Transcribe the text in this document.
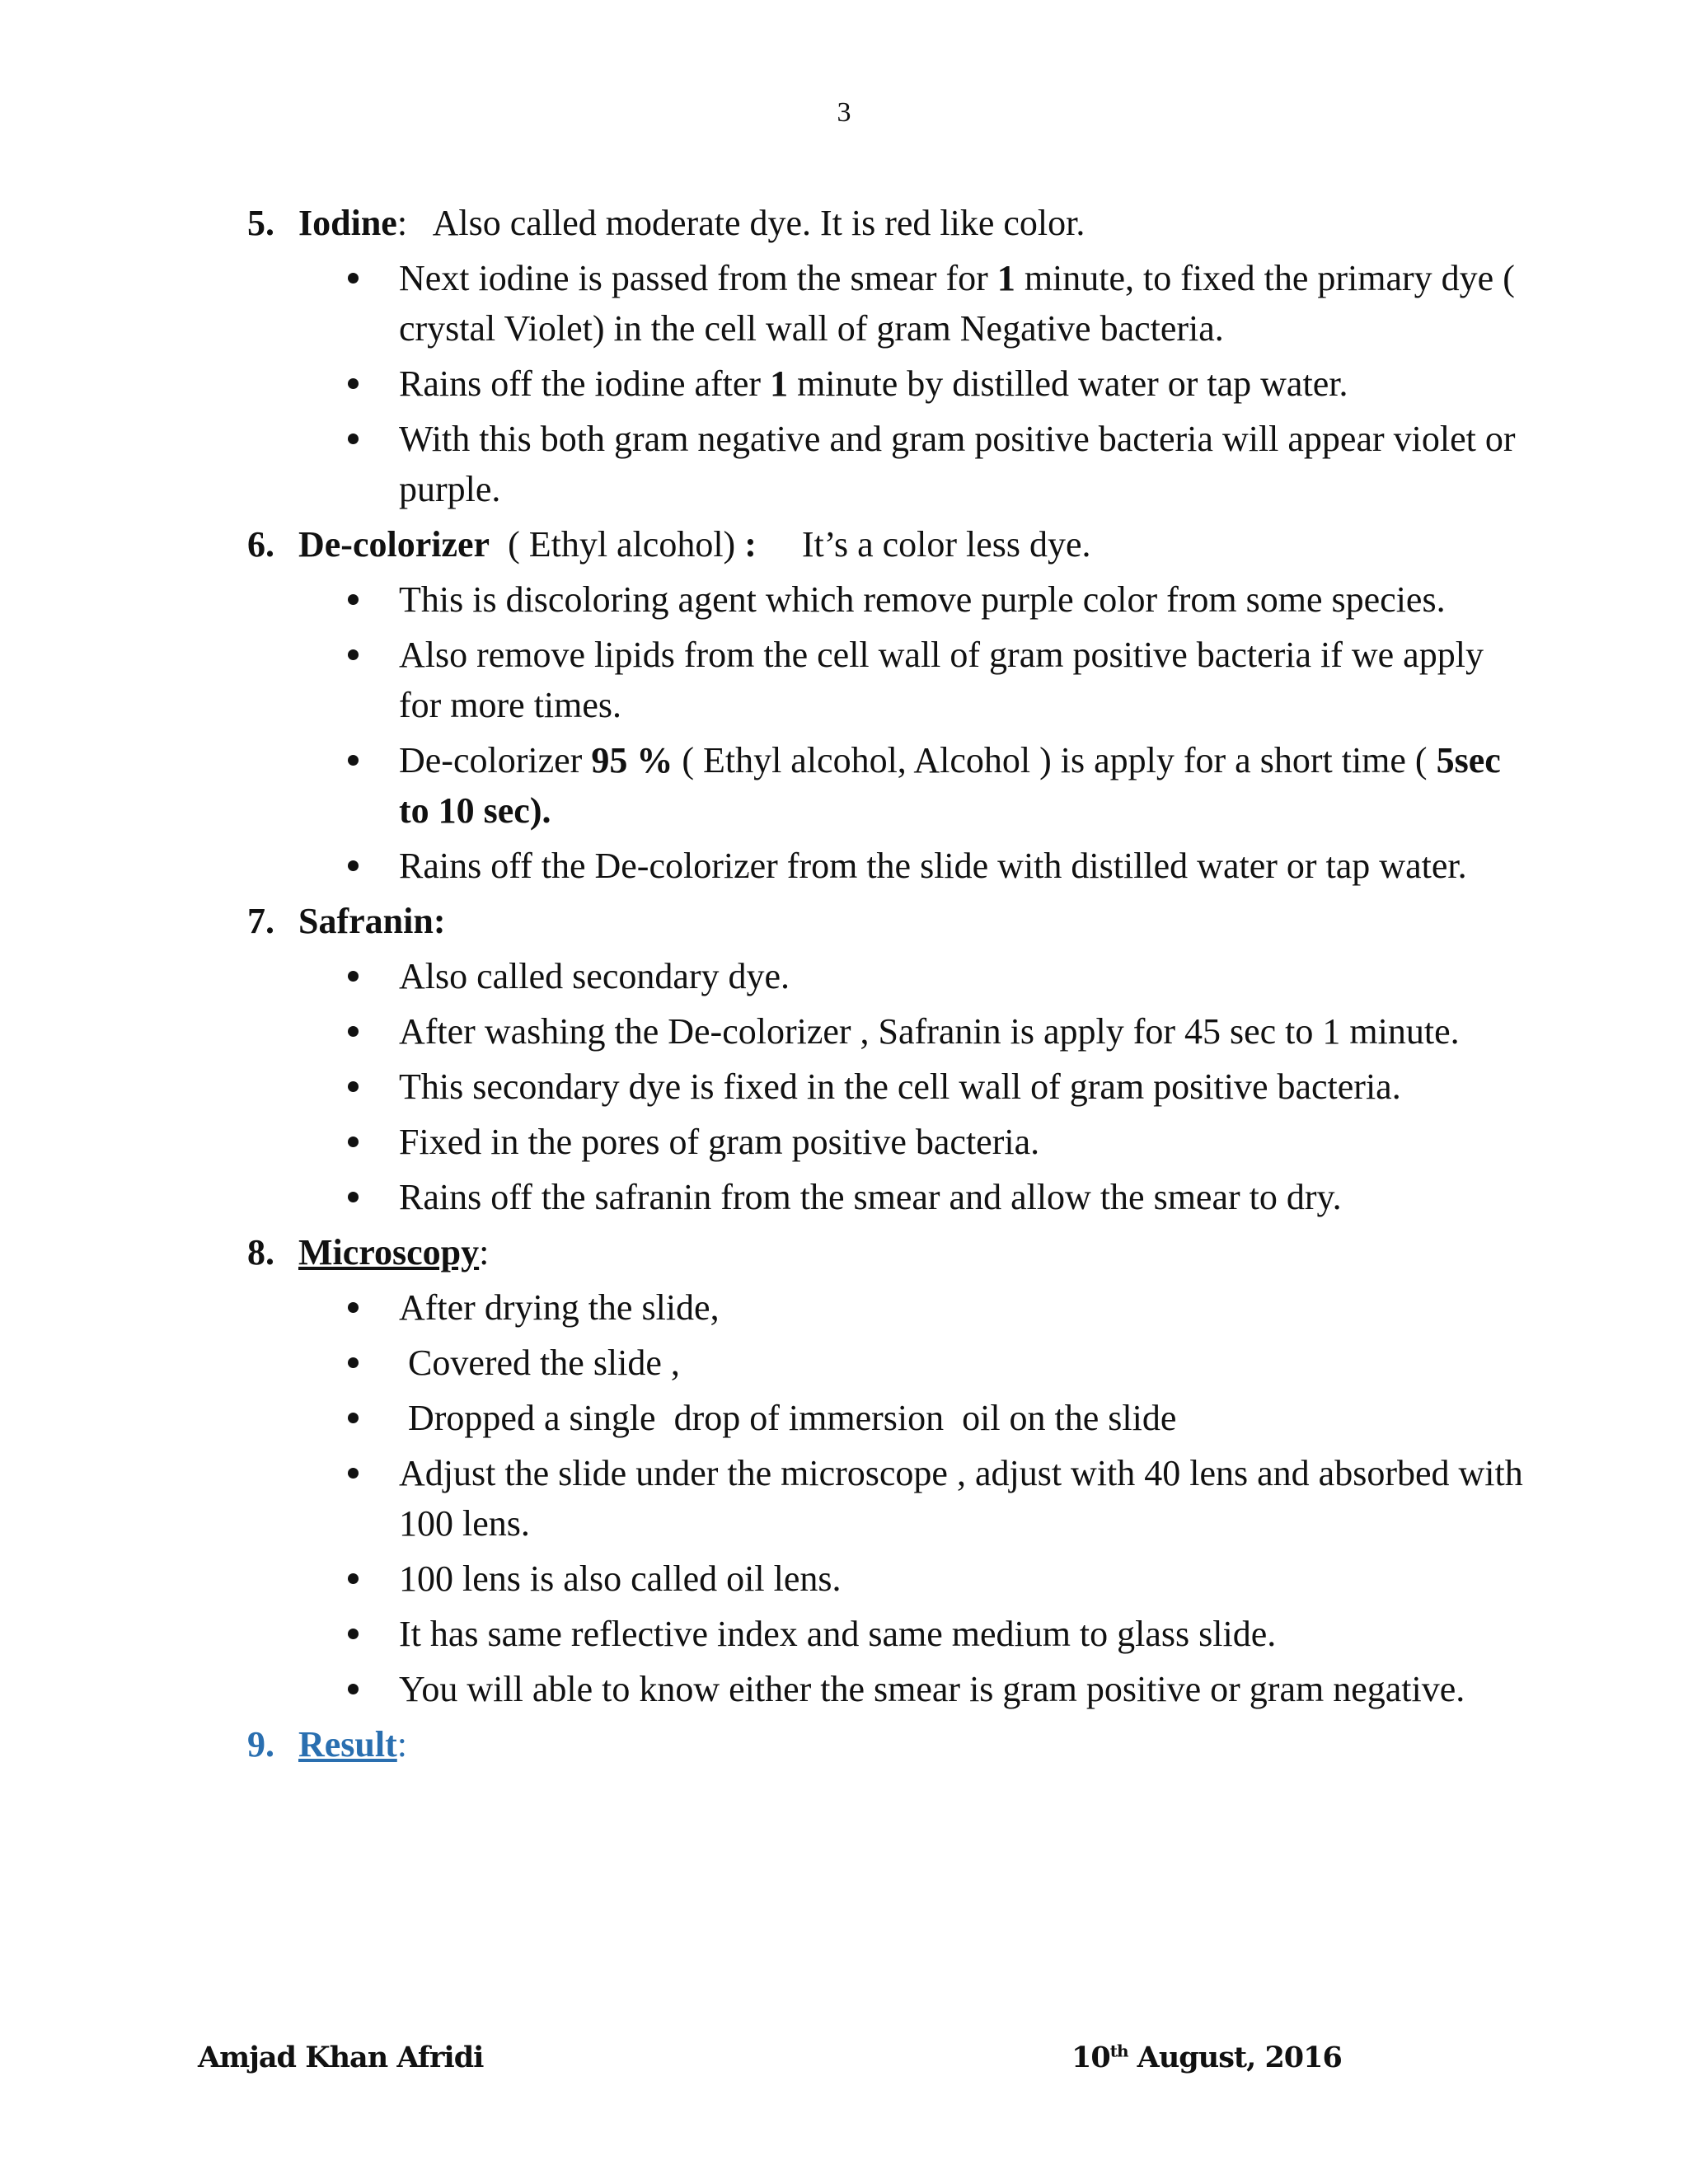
3
5. Iodine :   Also called moderate dye. It is red like color.
Next iodine is passed from the smear for 1 minute, to fixed the primary dye ( crystal Violet) in the cell wall of gram Negative bacteria.
Rains off the iodine after 1 minute by distilled water or tap water.
With this both gram negative and gram positive bacteria will appear violet or purple.
6. De-colorizer  ( Ethyl alcohol) :     It’s a color less dye.
This is discoloring agent which remove purple color from some species.
Also remove lipids from the cell wall of gram positive bacteria if we apply for more times.
De-colorizer 95 % ( Ethyl alcohol, Alcohol ) is apply for a short time ( 5sec to 10 sec).
Rains off the De-colorizer from the slide with distilled water or tap water.
7. Safranin:
Also called secondary dye.
After washing the De-colorizer , Safranin is apply for 45 sec to 1 minute.
This secondary dye is fixed in the cell wall of gram positive bacteria.
Fixed in the pores of gram positive bacteria.
Rains off the safranin from the smear and allow the smear to dry.
8. Microscopy :
After drying the slide,
Covered the slide ,
Dropped a single  drop of immersion  oil on the slide
Adjust the slide under the microscope , adjust with 40 lens and absorbed with 100 lens.
100 lens is also called oil lens.
It has same reflective index and same medium to glass slide.
You will able to know either the smear is gram positive or gram negative.
9. Result :
Amjad Khan Afridi	10th August, 2016
